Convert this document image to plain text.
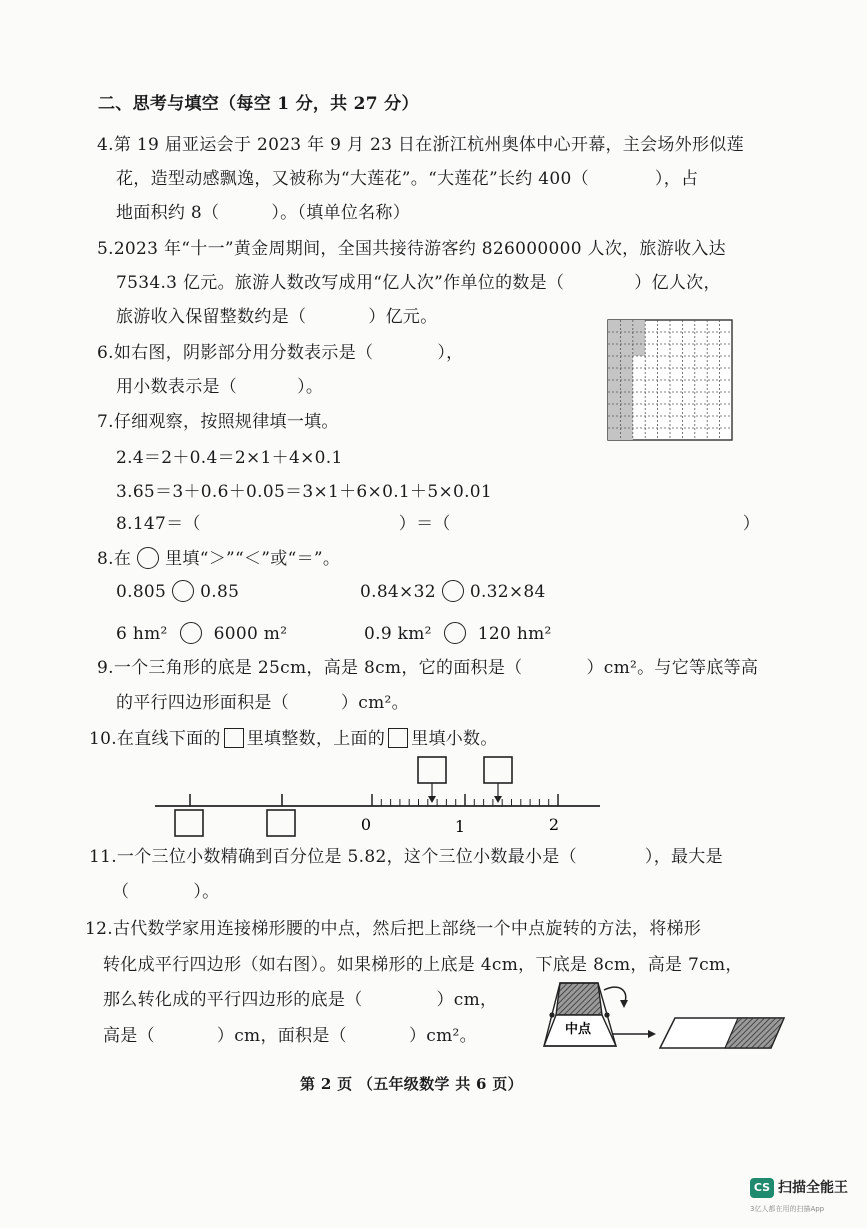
二、思考与填空（每空 1 分，共 27 分）
4.第 19 届亚运会于 2023 年 9 月 23 日在浙江杭州奥体中心开幕，主会场外形似莲
花，造型动感飘逸，又被称为“大莲花”。“大莲花”长约 400（	），占
地面积约 8（	）。（填单位名称）
5.2023 年“十一”黄金周期间，全国共接待游客约 826000000 人次，旅游收入达
7534.3 亿元。旅游人数改写成用“亿人次”作单位的数是（	）亿人次，
旅游收入保留整数约是（	）亿元。
6.如右图，阴影部分用分数表示是（	），
用小数表示是（	）。
7.仔细观察，按照规律填一填。
2.4＝2＋0.4＝2×1＋4×0.1
3.65＝3＋0.6＋0.05＝3×1＋6×0.1＋5×0.01
8.147＝（	）＝（	）
8.在 里填“＞”“＜”或“＝”。
0.805 0.85	0.84×32 0.32×84
6 hm²	6000 m²	0.9 km²	120 hm²
9.一个三角形的底是 25cm，高是 8cm，它的面积是（	）cm²。与它等底等高
的平行四边形面积是（	）cm²。
10.在直线下面的 里填整数，上面的 里填小数。
0	1	2
11.一个三位小数精确到百分位是 5.82，这个三位小数最小是（	），最大是
（	）。
12.古代数学家用连接梯形腰的中点，然后把上部绕一个中点旋转的方法，将梯形
转化成平行四边形（如右图）。如果梯形的上底是 4cm，下底是 8cm，高是 7cm，
那么转化成的平行四边形的底是（	）cm，
高是（	）cm，面积是（	）cm²。	中点
第 2 页 （五年级数学 共 6 页）
CS 扫描全能王
3亿人都在用的扫描App
